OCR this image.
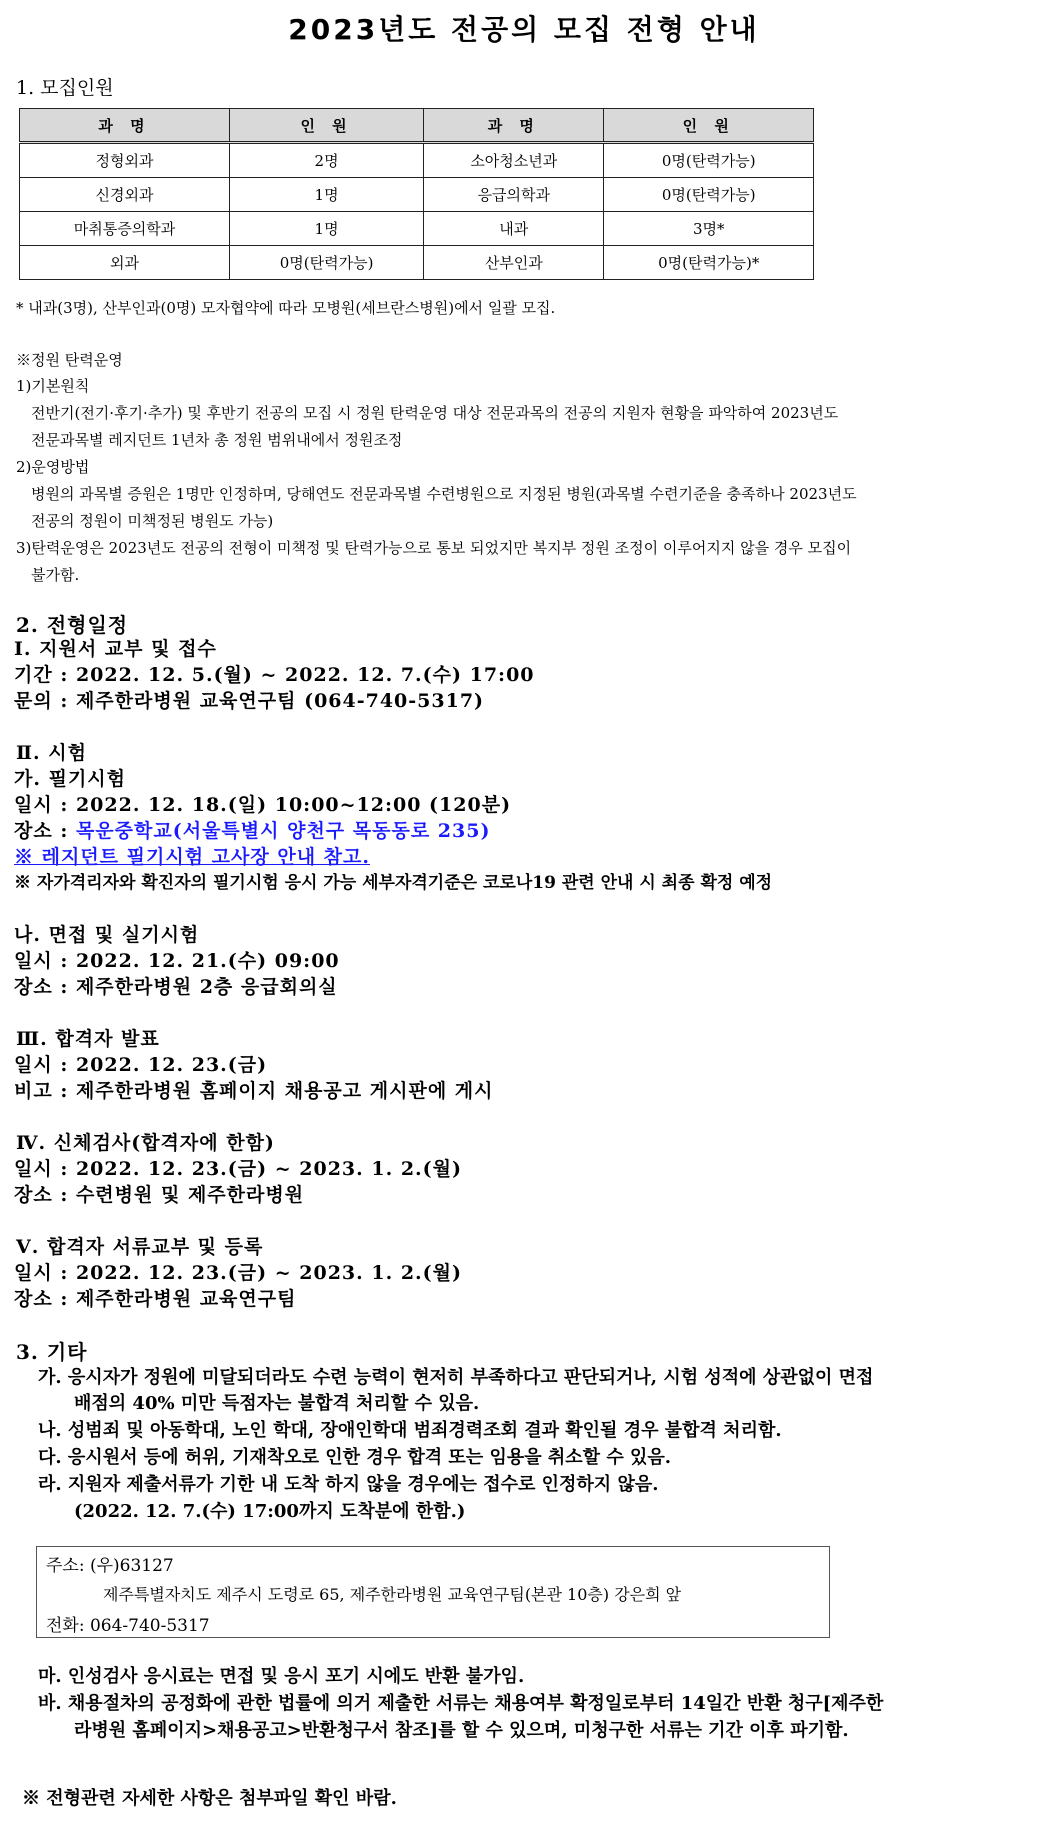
2023년도 전공의 모집 전형 안내
1. 모집인원
과 명	인 원	과 명	인 원
정형외과	2명	소아청소년과	0명(탄력가능)
신경외과	1명	응급의학과	0명(탄력가능)
마취통증의학과	1명	내과	3명*
외과	0명(탄력가능)	산부인과	0명(탄력가능)*
* 내과(3명), 산부인과(0명) 모자협약에 따라 모병원(세브란스병원)에서 일괄 모집.
※정원 탄력운영
1)기본원칙
전반기(전기·후기·추가) 및 후반기 전공의 모집 시 정원 탄력운영 대상 전문과목의 전공의 지원자 현황을 파악하여 2023년도
전문과목별 레지던트 1년차 총 정원 범위내에서 정원조정
2)운영방법
병원의 과목별 증원은 1명만 인정하며, 당해연도 전문과목별 수련병원으로 지정된 병원(과목별 수련기준을 충족하나 2023년도
전공의 정원이 미책정된 병원도 가능)
3)탄력운영은 2023년도 전공의 전형이 미책정 및 탄력가능으로 통보 되었지만 복지부 정원 조정이 이루어지지 않을 경우 모집이
불가함.
2. 전형일정
Ⅰ. 지원서 교부 및 접수
기간 : 2022. 12. 5.(월) ~ 2022. 12. 7.(수) 17:00
문의 : 제주한라병원 교육연구팀 (064-740-5317)
Ⅱ. 시험
가. 필기시험
일시 : 2022. 12. 18.(일) 10:00~12:00 (120분)
장소 : 목운중학교(서울특별시 양천구 목동동로 235)
※ 레지던트 필기시험 고사장 안내 참고.
※ 자가격리자와 확진자의 필기시험 응시 가능 세부자격기준은 코로나19 관련 안내 시 최종 확정 예정
나. 면접 및 실기시험
일시 : 2022. 12. 21.(수) 09:00
장소 : 제주한라병원 2층 응급회의실
Ⅲ. 합격자 발표
일시 : 2022. 12. 23.(금)
비고 : 제주한라병원 홈페이지 채용공고 게시판에 게시
Ⅳ. 신체검사(합격자에 한함)
일시 : 2022. 12. 23.(금) ~ 2023. 1. 2.(월)
장소 : 수련병원 및 제주한라병원
Ⅴ. 합격자 서류교부 및 등록
일시 : 2022. 12. 23.(금) ~ 2023. 1. 2.(월)
장소 : 제주한라병원 교육연구팀
3. 기타
가. 응시자가 정원에 미달되더라도 수련 능력이 현저히 부족하다고 판단되거나, 시험 성적에 상관없이 면접
배점의 40% 미만 득점자는 불합격 처리할 수 있음.
나. 성범죄 및 아동학대, 노인 학대, 장애인학대 범죄경력조회 결과 확인될 경우 불합격 처리함.
다. 응시원서 등에 허위, 기재착오로 인한 경우 합격 또는 임용을 취소할 수 있음.
라. 지원자 제출서류가 기한 내 도착 하지 않을 경우에는 접수로 인정하지 않음.
(2022. 12. 7.(수) 17:00까지 도착분에 한함.)
주소: (우)63127
제주특별자치도 제주시 도령로 65, 제주한라병원 교육연구팀(본관 10층) 강은희 앞
전화: 064-740-5317
마. 인성검사 응시료는 면접 및 응시 포기 시에도 반환 불가임.
바. 채용절차의 공정화에 관한 법률에 의거 제출한 서류는 채용여부 확정일로부터 14일간 반환 청구[제주한
라병원 홈페이지>채용공고>반환청구서 참조]를 할 수 있으며, 미청구한 서류는 기간 이후 파기함.
※ 전형관련 자세한 사항은 첨부파일 확인 바람.
